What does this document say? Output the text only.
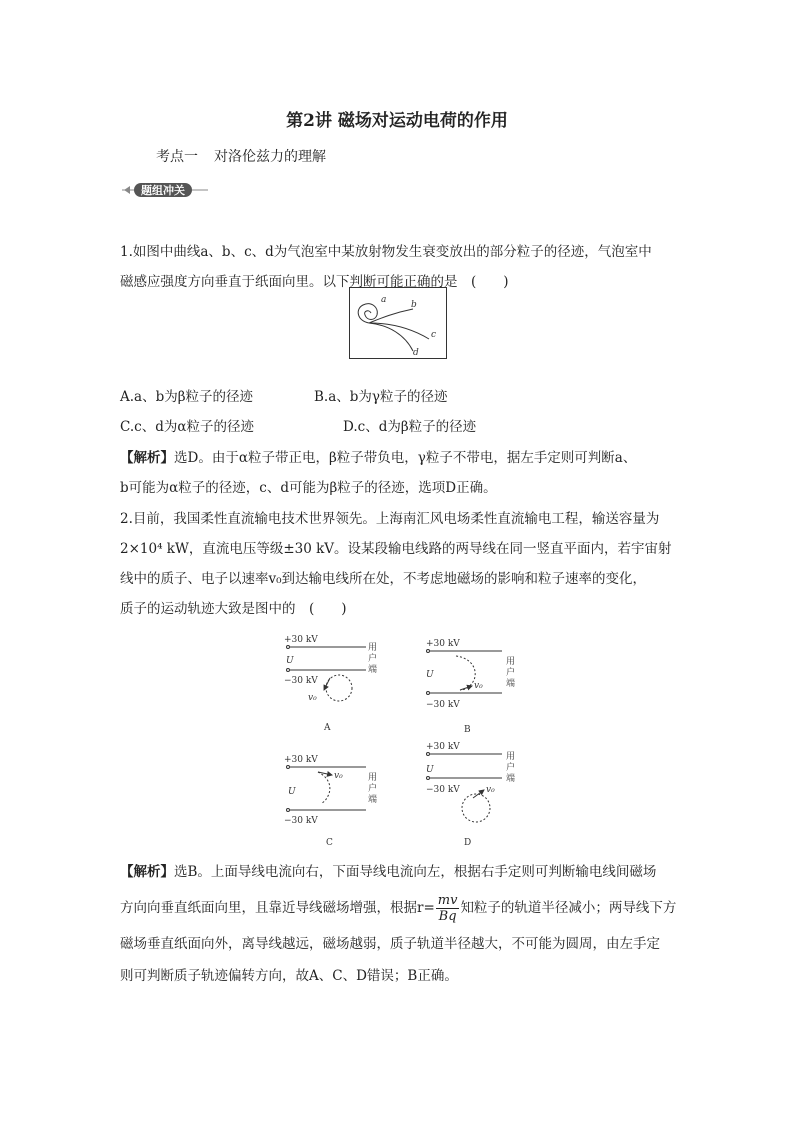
第2讲 磁场对运动电荷的作用
考点一 对洛伦兹力的理解
题组冲关
1.如图中曲线a、b、c、d为气泡室中某放射物发生衰变放出的部分粒子的径迹，气泡室中
磁感应强度方向垂直于纸面向里。以下判断可能正确的是　(　　)
a	b
c
d
A.a、b为β粒子的径迹	B.a、b为γ粒子的径迹
C.c、d为α粒子的径迹	D.c、d为β粒子的径迹
【解析】选D。由于α粒子带正电，β粒子带负电，γ粒子不带电，据左手定则可判断a、
b可能为α粒子的径迹，c、d可能为β粒子的径迹，选项D正确。
2.目前，我国柔性直流输电技术世界领先。上海南汇风电场柔性直流输电工程，输送容量为
2×10⁴ kW，直流电压等级±30 kV。设某段输电线路的两导线在同一竖直平面内，若宇宙射
线中的质子、电子以速率v₀到达输电线所在处，不考虑地磁场的影响和粒子速率的变化，
质子的运动轨迹大致是图中的　(　　)
+30 kV
U
−30 kV
用
户
端
v₀
A
+30 kV
U
−30 kV
用
户
端
v₀
B
+30 kV
U
−30 kV
用
户
端
v₀
C
+30 kV
U
−30 kV
用
户
端
v₀
D
【解析】选B。上面导线电流向右，下面导线电流向左，根据右手定则可判断输电线间磁场
方向向垂直纸面向里，且靠近导线磁场增强，根据$r= \frac{mv}{Bq}$ 知粒子的轨道半径减小；两导线下方
磁场垂直纸面向外，离导线越远，磁场越弱，质子轨道半径越大，不可能为圆周，由左手定
则可判断质子轨迹偏转方向，故A、C、D错误；B正确。
